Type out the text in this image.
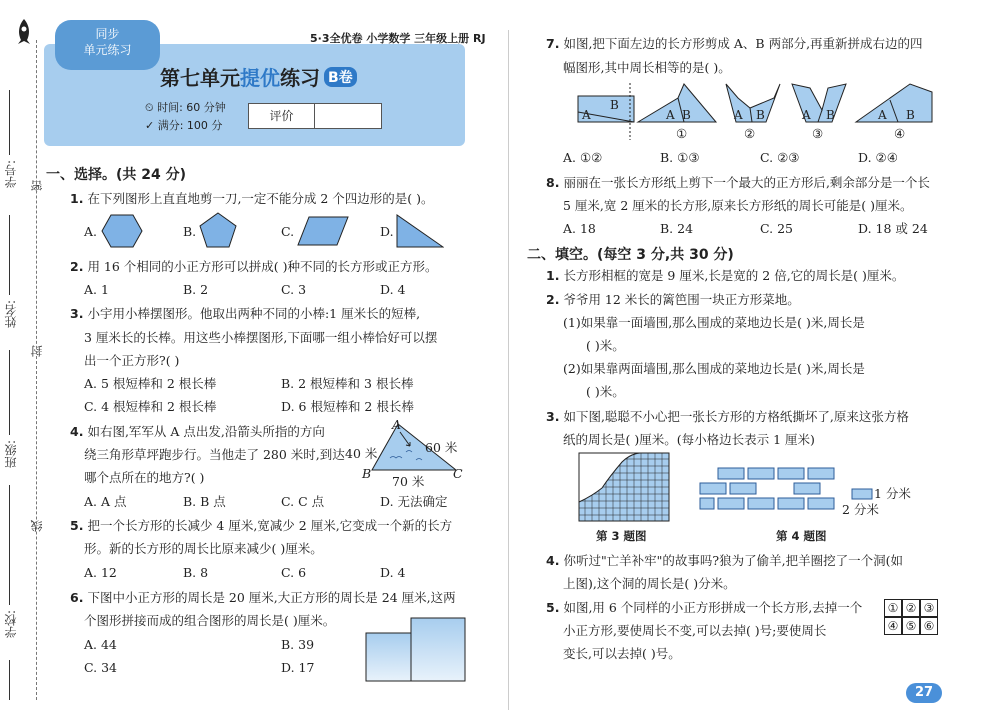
学号:
姓名:
班级:
学校:
密
封
线
同步
单元练习
5·3全优卷 小学数学 三年级上册 RJ
第七单元提优练习 B卷
⏲ 时间: 60 分钟
✓ 满分: 100 分
评价
一、选择。(共 24 分)
1. 在下列图形上直直地剪一刀,一定不能分成 2 个四边形的是( )。
A.	B.	C.	D.
2. 用 16 个相同的小正方形可以拼成( )种不同的长方形或正方形。
A. 1	B. 2	C. 3	D. 4
3. 小宇用小棒摆图形。他取出两种不同的小棒:1 厘米长的短棒,
3 厘米长的长棒。用这些小棒摆图形,下面哪一组小棒恰好可以摆
出一个正方形?( )
A. 5 根短棒和 2 根长棒	B. 2 根短棒和 3 根长棒
C. 4 根短棒和 2 根长棒	D. 6 根短棒和 2 根长棒
4. 如右图,军军从 A 点出发,沿箭头所指的方向
绕三角形草坪跑步行。当他走了 280 米时,到达
哪个点所在的地方?( )
A
B	C
40 米	60 米
70 米
A. A 点	B. B 点	C. C 点	D. 无法确定
5. 把一个长方形的长减少 4 厘米,宽减少 2 厘米,它变成一个新的长方
形。新的长方形的周长比原来减少( )厘米。
A. 12	B. 8	C. 6	D. 4
6. 下图中小正方形的周长是 20 厘米,大正方形的周长是 24 厘米,这两
个图形拼接而成的组合图形的周长是( )厘米。
A. 44	B. 39
C. 34	D. 17
7. 如图,把下面左边的长方形剪成 A、B 两部分,再重新拼成右边的四
幅图形,其中周长相等的是( )。
A
B
A B	A B	A B	A B
①	②	③	④
A. ①②	B. ①③	C. ②③	D. ②④
8. 丽丽在一张长方形纸上剪下一个最大的正方形后,剩余部分是一个长
5 厘米,宽 2 厘米的长方形,原来长方形纸的周长可能是( )厘米。
A. 18	B. 24	C. 25	D. 18 或 24
二、填空。(每空 3 分,共 30 分)
1. 长方形相框的宽是 9 厘米,长是宽的 2 倍,它的周长是( )厘米。
2. 爷爷用 12 米长的篱笆围一块正方形菜地。
(1)如果靠一面墙围,那么围成的菜地边长是( )米,周长是
( )米。
(2)如果靠两面墙围,那么围成的菜地边长是( )米,周长是
( )米。
3. 如下图,聪聪不小心把一张长方形的方格纸撕坏了,原来这张方格
纸的周长是( )厘米。(每小格边长表示 1 厘米)
1 分米
2 分米
第 3 题图	第 4 题图
4. 你听过"亡羊补牢"的故事吗?狼为了偷羊,把羊圈挖了一个洞(如
上图),这个洞的周长是( )分米。
5. 如图,用 6 个同样的小正方形拼成一个长方形,去掉一个
小正方形,要使周长不变,可以去掉( )号;要使周长
变长,可以去掉( )号。
① ② ③
④ ⑤ ⑥
27
